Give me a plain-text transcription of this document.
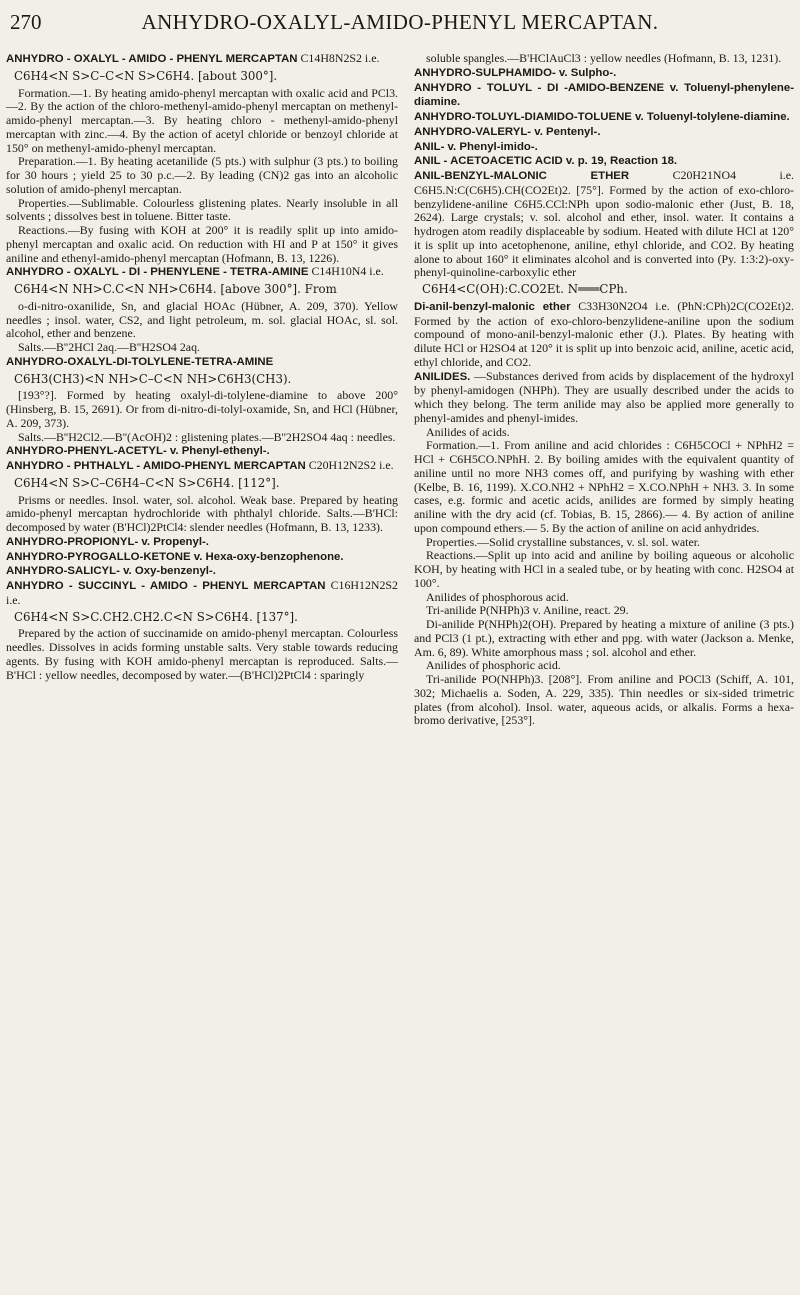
270	ANHYDRO-OXALYL-AMIDO-PHENYL MERCAPTAN.
ANHYDRO - OXALYL - AMIDO - PHENYL MERCAPTAN C14H8N2S2 i.e.
C6H4<N S>C–C<N S>C6H4. [about 300°].
Formation.—1. By heating amido-phenyl mercaptan with oxalic acid and PCl3.—2. By the action of the chloro-methenyl-amido-phenyl mercaptan on methenyl-amido-phenyl mercaptan.—3. By heating chloro - methenyl-amido-phenyl mercaptan with zinc.—4. By the action of acetyl chloride or benzoyl chloride at 150° on methenyl-amido-phenyl mercaptan.
Preparation.—1. By heating acetanilide (5 pts.) with sulphur (3 pts.) to boiling for 30 hours ; yield 25 to 30 p.c.—2. By leading (CN)2 gas into an alcoholic solution of amido-phenyl mercaptan.
Properties.—Sublimable. Colourless glistening plates. Nearly insoluble in all solvents ; dissolves best in toluene. Bitter taste.
Reactions.—By fusing with KOH at 200° it is readily split up into amido-phenyl mercaptan and oxalic acid. On reduction with HI and P at 150° it gives aniline and ethenyl-amido-phenyl mercaptan (Hofmann, B. 13, 1226).
ANHYDRO - OXALYL - DI - PHENYLENE - TETRA-AMINE C14H10N4 i.e.
C6H4<N NH>C.C<N NH>C6H4. [above 300°]. From
o-di-nitro-oxanilide, Sn, and glacial HOAc (Hübner, A. 209, 370). Yellow needles ; insol. water, CS2, and light petroleum, m. sol. glacial HOAc, sl. sol. alcohol, ether and benzene.
Salts.—B''2HCl 2aq.—B''H2SO4 2aq.
ANHYDRO-OXALYL-DI-TOLYLENE-TETRA-AMINE
C6H3(CH3)<N NH>C–C<N NH>C6H3(CH3).
[193°?]. Formed by heating oxalyl-di-tolylene-diamine to above 200° (Hinsberg, B. 15, 2691). Or from di-nitro-di-tolyl-oxamide, Sn, and HCl (Hübner, A. 209, 373).
Salts.—B''H2Cl2.—B''(AcOH)2 : glistening plates.—B''2H2SO4 4aq : needles.
ANHYDRO-PHENYL-ACETYL- v. Phenyl-ethenyl-.
ANHYDRO - PHTHALYL - AMIDO-PHENYL MERCAPTAN C20H12N2S2 i.e.
C6H4<N S>C–C6H4–C<N S>C6H4. [112°].
Prisms or needles. Insol. water, sol. alcohol. Weak base. Prepared by heating amido-phenyl mercaptan hydrochloride with phthalyl chloride. Salts.—B'HCl: decomposed by water (B'HCl)2PtCl4: slender needles (Hofmann, B. 13, 1233).
ANHYDRO-PROPIONYL- v. Propenyl-.
ANHYDRO-PYROGALLO-KETONE v. Hexa-oxy-benzophenone.
ANHYDRO-SALICYL- v. Oxy-benzenyl-.
ANHYDRO - SUCCINYL - AMIDO - PHENYL MERCAPTAN C16H12N2S2 i.e.
C6H4<N S>C.CH2.CH2.C<N S>C6H4. [137°].
Prepared by the action of succinamide on amido-phenyl mercaptan. Colourless needles. Dissolves in acids forming unstable salts. Very stable towards reducing agents. By fusing with KOH amido-phenyl mercaptan is reproduced. Salts.—B'HCl : yellow needles, decomposed by water.—(B'HCl)2PtCl4 : sparingly
soluble spangles.—B'HClAuCl3 : yellow needles (Hofmann, B. 13, 1231).
ANHYDRO-SULPHAMIDO- v. Sulpho-.
ANHYDRO - TOLUYL - DI -AMIDO-BENZENE v. Toluenyl-phenylene-diamine.
ANHYDRO-TOLUYL-DIAMIDO-TOLUENE v. Toluenyl-tolylene-diamine.
ANHYDRO-VALERYL- v. Pentenyl-.
ANIL- v. Phenyl-imido-.
ANIL - ACETOACETIC ACID v. p. 19, Reaction 18.
ANIL-BENZYL-MALONIC ETHER C20H21NO4 i.e. C6H5.N:C(C6H5).CH(CO2Et)2. [75°]. Formed by the action of exo-chloro-benzylidene-aniline C6H5.CCl:NPh upon sodio-malonic ether (Just, B. 18, 2624). Large crystals; v. sol. alcohol and ether, insol. water. It contains a hydrogen atom readily displaceable by sodium. Heated with dilute HCl at 120° it is split up into acetophenone, aniline, ethyl chloride, and CO2. By heating alone to about 160° it eliminates alcohol and is converted into (Py. 1:3:2)-oxy-phenyl-quinoline-carboxylic ether
C6H4<C(OH):C.CO2Et. N═══CPh.
Di-anil-benzyl-malonic ether C33H30N2O4 i.e. (PhN:CPh)2C(CO2Et)2. Formed by the action of exo-chloro-benzylidene-aniline upon the sodium compound of mono-anil-benzyl-malonic ether (J.). Plates. By heating with dilute HCl or H2SO4 at 120° it is split up into benzoic acid, aniline, acetic acid, ethyl chloride, and CO2.
ANILIDES. —Substances derived from acids by displacement of the hydroxyl by phenyl-amidogen (NHPh). They are usually described under the acids to which they belong. The term anilide may also be applied more generally to phenyl-amides and phenyl-imides.
Anilides of acids.
Formation.—1. From aniline and acid chlorides : C6H5COCl + NPhH2 = HCl + C6H5CO.NPhH. 2. By boiling amides with the equivalent quantity of aniline until no more NH3 comes off, and purifying by washing with ether (Kelbe, B. 16, 1199). X.CO.NH2 + NPhH2 = X.CO.NPhH + NH3. 3. In some cases, e.g. formic and acetic acids, anilides are formed by simply heating aniline with the dry acid (cf. Tobias, B. 15, 2866).— 4. By action of aniline upon compound ethers.— 5. By the action of aniline on acid anhydrides.
Properties.—Solid crystalline substances, v. sl. sol. water.
Reactions.—Split up into acid and aniline by boiling aqueous or alcoholic KOH, by heating with HCl in a sealed tube, or by heating with conc. H2SO4 at 100°.
Anilides of phosphorous acid.
Tri-anilide P(NHPh)3 v. Aniline, react. 29.
Di-anilide P(NHPh)2(OH). Prepared by heating a mixture of aniline (3 pts.) and PCl3 (1 pt.), extracting with ether and ppg. with water (Jackson a. Menke, Am. 6, 89). White amorphous mass ; sol. alcohol and ether.
Anilides of phosphoric acid.
Tri-anilide PO(NHPh)3. [208°]. From aniline and POCl3 (Schiff, A. 101, 302; Michaelis a. Soden, A. 229, 335). Thin needles or six-sided trimetric plates (from alcohol). Insol. water, aqueous acids, or alkalis. Forms a hexa-bromo derivative, [253°].
